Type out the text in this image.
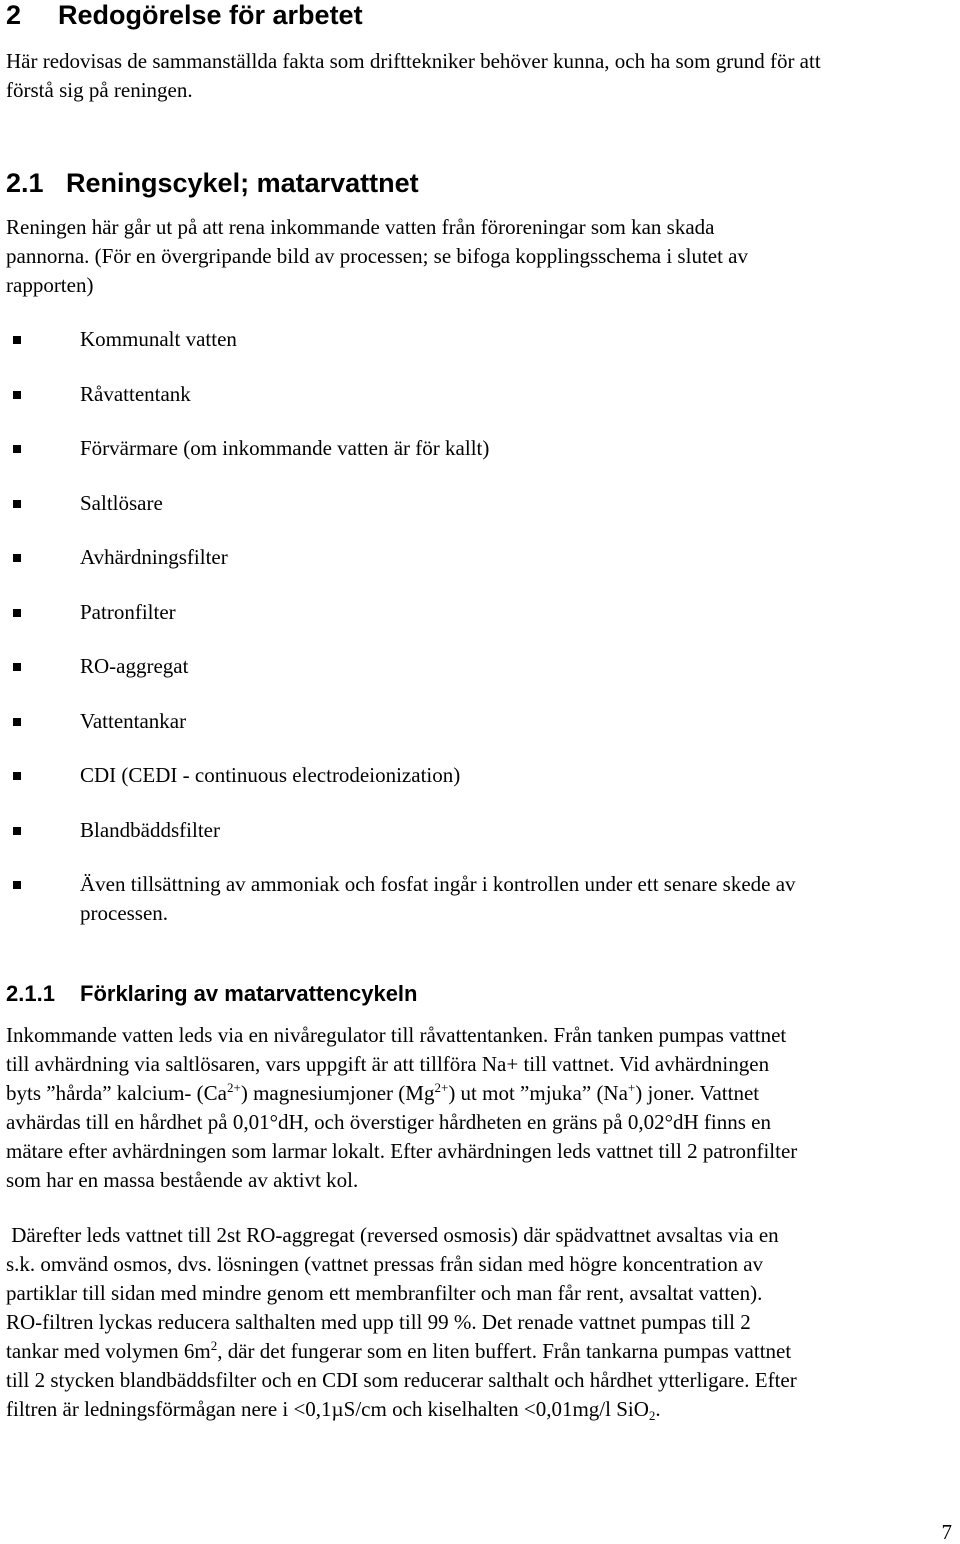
2 Redogörelse för arbetet

Här redovisas de sammanställda fakta som drifttekniker behöver kunna, och ha som grund för att
förstå sig på reningen.

2.1 Reningscykel; matarvattnet

Reningen här går ut på att rena inkommande vatten från föroreningar som kan skada
pannorna. (För en övergripande bild av processen; se bifoga kopplingsschema i slutet av
rapporten)

Kommunalt vatten
Råvattentank
Förvärmare (om inkommande vatten är för kallt)
Saltlösare
Avhärdningsfilter
Patronfilter
RO-aggregat
Vattentankar
CDI (CEDI - continuous electrodeionization)
Blandbäddsfilter
Även tillsättning av ammoniak och fosfat ingår i kontrollen under ett senare skede av
processen.
2.1.1 Förklaring av matarvattencykeln

Inkommande vatten leds via en nivåregulator till råvattentanken. Från tanken pumpas vattnet
till avhärdning via saltlösaren, vars uppgift är att tillföra Na+ till vattnet. Vid avhärdningen
byts ”hårda” kalcium- $(Ca^{2+})$ magnesiumjoner $(Mg^{2+})$ ut mot ”mjuka” (Na+) joner. Vattnet
avhärdas till en hårdhet på 0,01°dH, och överstiger hårdheten en gräns på 0,02°dH finns en
mätare efter avhärdningen som larmar lokalt. Efter avhärdningen leds vattnet till 2 patronfilter
som har en massa bestående av aktivt kol.

Därefter leds vattnet till 2st RO-aggregat (reversed osmosis) där spädvattnet avsaltas via en
s.k. omvänd osmos, dvs. lösningen (vattnet pressas från sidan med högre koncentration av
partiklar till sidan med mindre genom ett membranfilter och man får rent, avsaltat vatten).
RO-filtren lyckas reducera salthalten med upp till 99 %. Det renade vattnet pumpas till 2
tankar med volymen $6m^2$, där det fungerar som en liten buffert. Från tankarna pumpas vattnet
till 2 stycken blandbäddsfilter och en CDI som reducerar salthalt och hårdhet ytterligare. Efter
filtren är ledningsförmågan nere i <0,1µS/cm och kiselhalten <0,01mg/l SiO$_2$.

7
